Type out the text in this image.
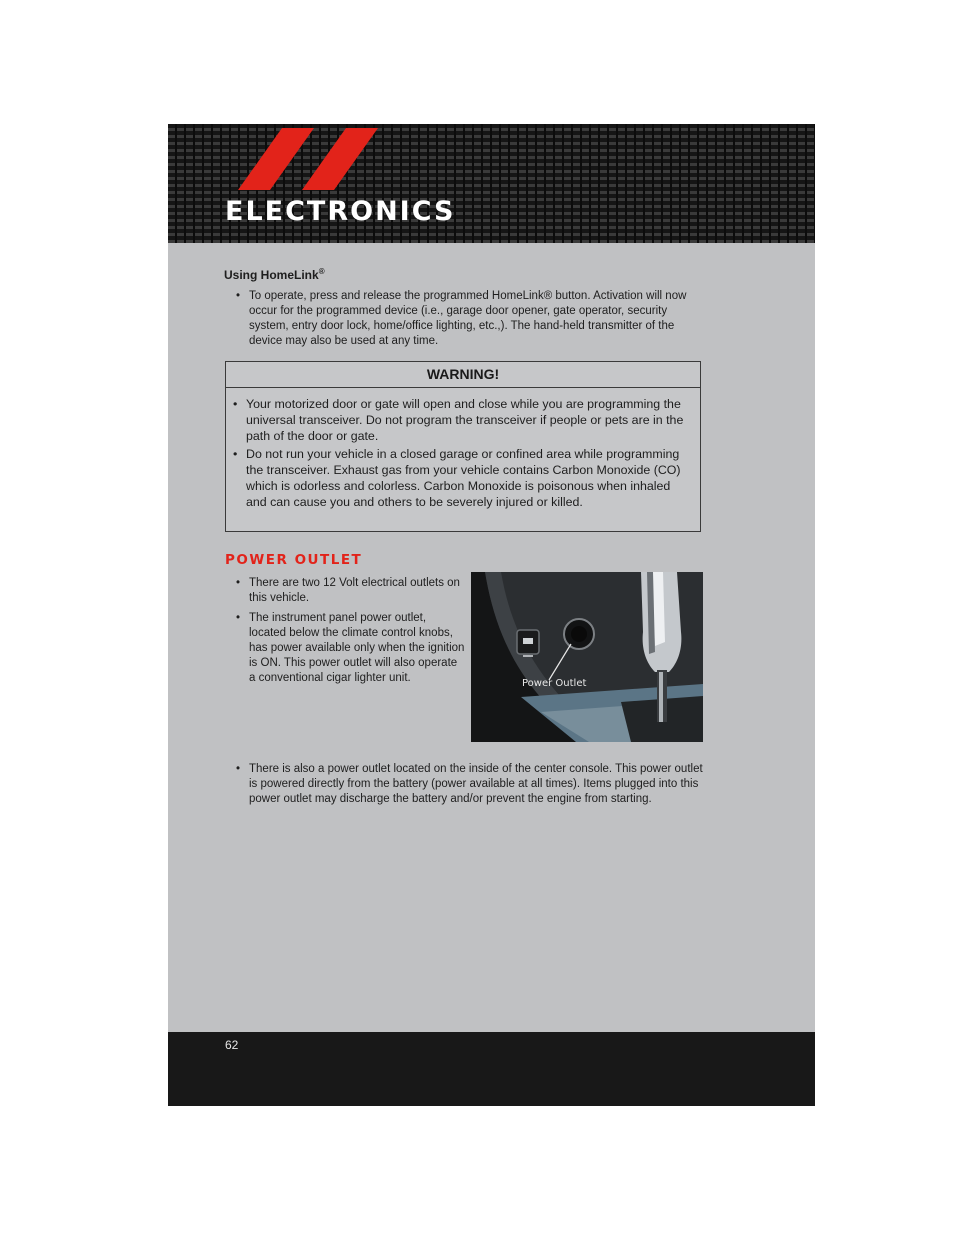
ELECTRONICS

Using HomeLink®

• To operate, press and release the programmed HomeLink® button. Activation will now occur for the programmed device (i.e., garage door opener, gate operator, security system, entry door lock, home/office lighting, etc.,). The hand-held transmitter of the device may also be used at any time.

WARNING!

• Your motorized door or gate will open and close while you are programming the universal transceiver. Do not program the transceiver if people or pets are in the path of the door or gate.
• Do not run your vehicle in a closed garage or confined area while programming the transceiver. Exhaust gas from your vehicle contains Carbon Monoxide (CO) which is odorless and colorless. Carbon Monoxide is poisonous when inhaled and can cause you and others to be severely injured or killed.
POWER OUTLET
• There are two 12 Volt electrical outlets on this vehicle.
• The instrument panel power outlet, located below the climate control knobs, has power available only when the ignition is ON. This power outlet will also operate a conventional cigar lighter unit.	Power Outlet

• There is also a power outlet located on the inside of the center console. This power outlet is powered directly from the battery (power available at all times). Items plugged into this power outlet may discharge the battery and/or prevent the engine from starting.

62
